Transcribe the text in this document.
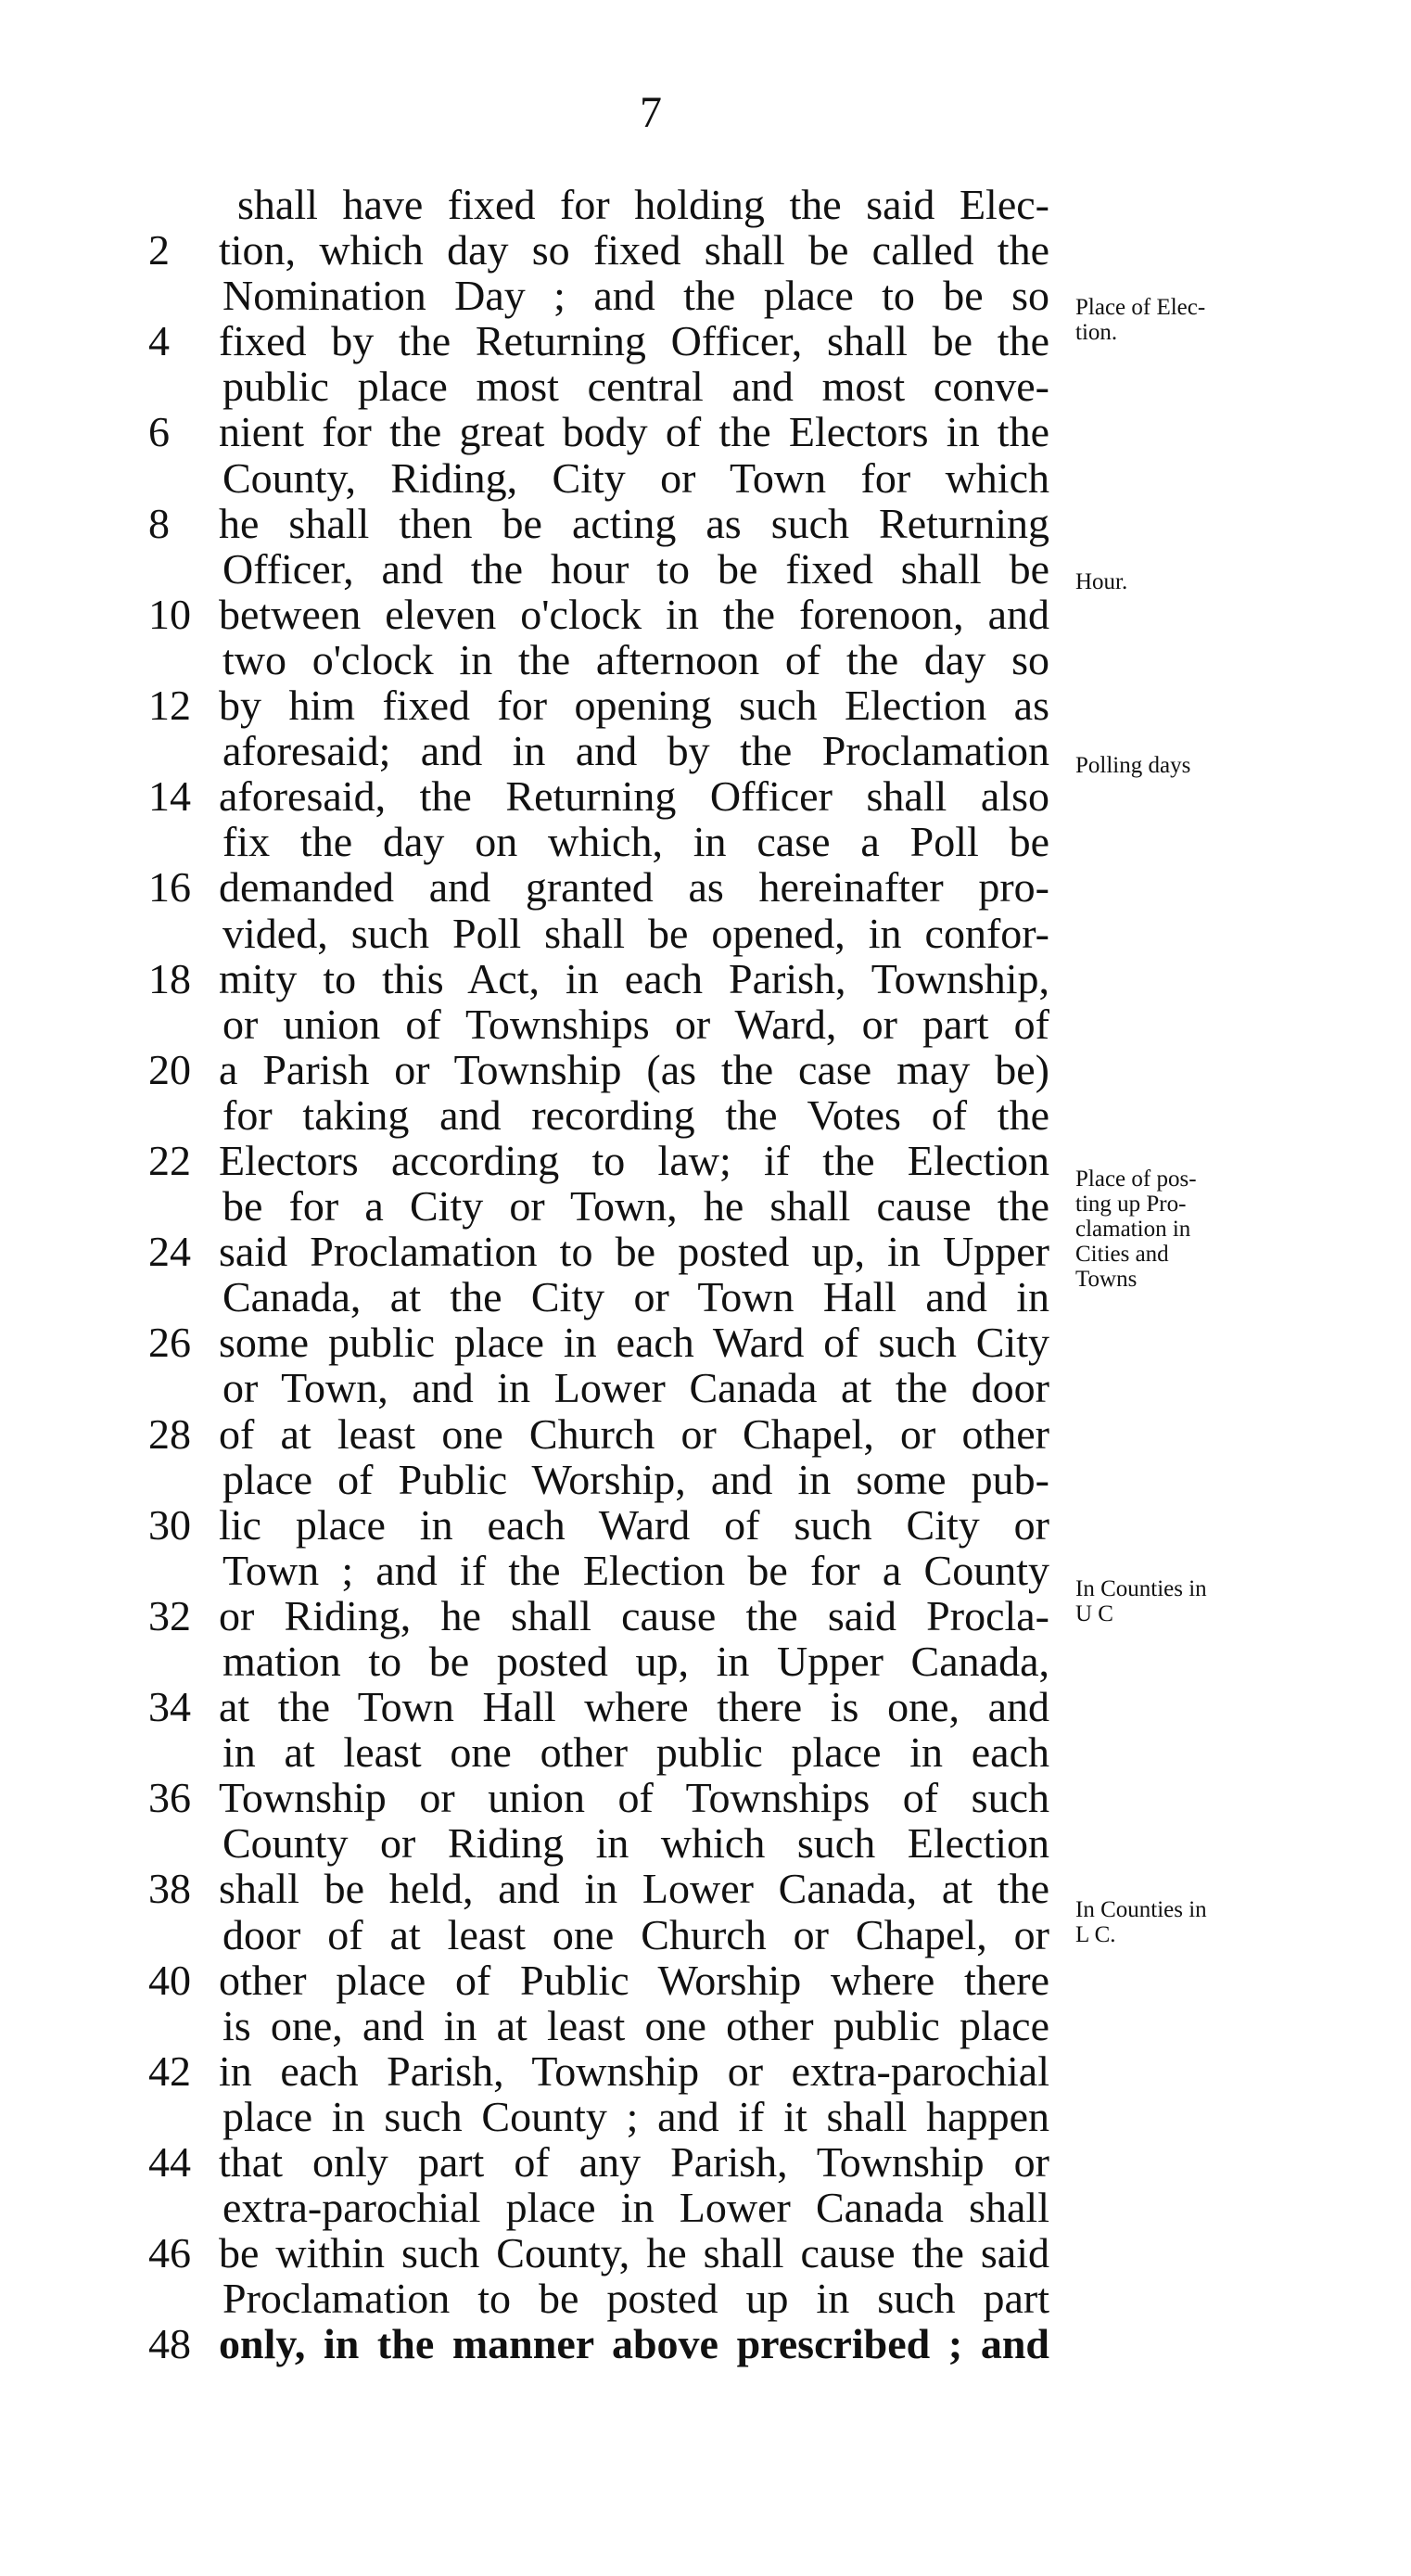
7
shall have fixed for holding the said Elec-
2	tion, which day so fixed shall be called the
Nomination Day ; and the place to be so
4	fixed by the Returning Officer, shall be the
public place most central and most conve-
6	nient for the great body of the Electors in the
County, Riding, City or Town for which
8	he shall then be acting as such Returning
Officer, and the hour to be fixed shall be
10 between eleven o'clock in the forenoon, and
two o'clock in the afternoon of the day so
12 by him fixed for opening such Election as
aforesaid; and in and by the Proclamation
14 aforesaid, the Returning Officer shall also
fix the day on which, in case a Poll be
16 demanded and granted as hereinafter pro-
vided, such Poll shall be opened, in confor-
18 mity to this Act, in each Parish, Township,
or union of Townships or Ward, or part of
20 a Parish or Township (as the case may be)
for taking and recording the Votes of the
22 Electors according to law; if the Election
be for a City or Town, he shall cause the
24 said Proclamation to be posted up, in Upper
Canada, at the City or Town Hall and in
26 some public place in each Ward of such City
or Town, and in Lower Canada at the door
28 of at least one Church or Chapel, or other
place of Public Worship, and in some pub-
30 lic place in each Ward of such City or
Town ; and if the Election be for a County
32 or Riding, he shall cause the said Procla-
mation to be posted up, in Upper Canada,
34 at the Town Hall where there is one, and
in at least one other public place in each
36 Township or union of Townships of such
County or Riding in which such Election
38 shall be held, and in Lower Canada, at the
door of at least one Church or Chapel, or
40 other place of Public Worship where there
is one, and in at least one other public place
42 in each Parish, Township or extra-parochial
place in such County ; and if it shall happen
44 that only part of any Parish, Township or
extra-parochial place in Lower Canada shall
46 be within such County, he shall cause the said
Proclamation to be posted up in such part
48 only, in the manner above prescribed ; and
Place of Elec-
tion.
Hour.
Polling days
Place of pos-
ting up Pro-
clamation in
Cities and
Towns
In Counties in
U C
In Counties in
L C.
